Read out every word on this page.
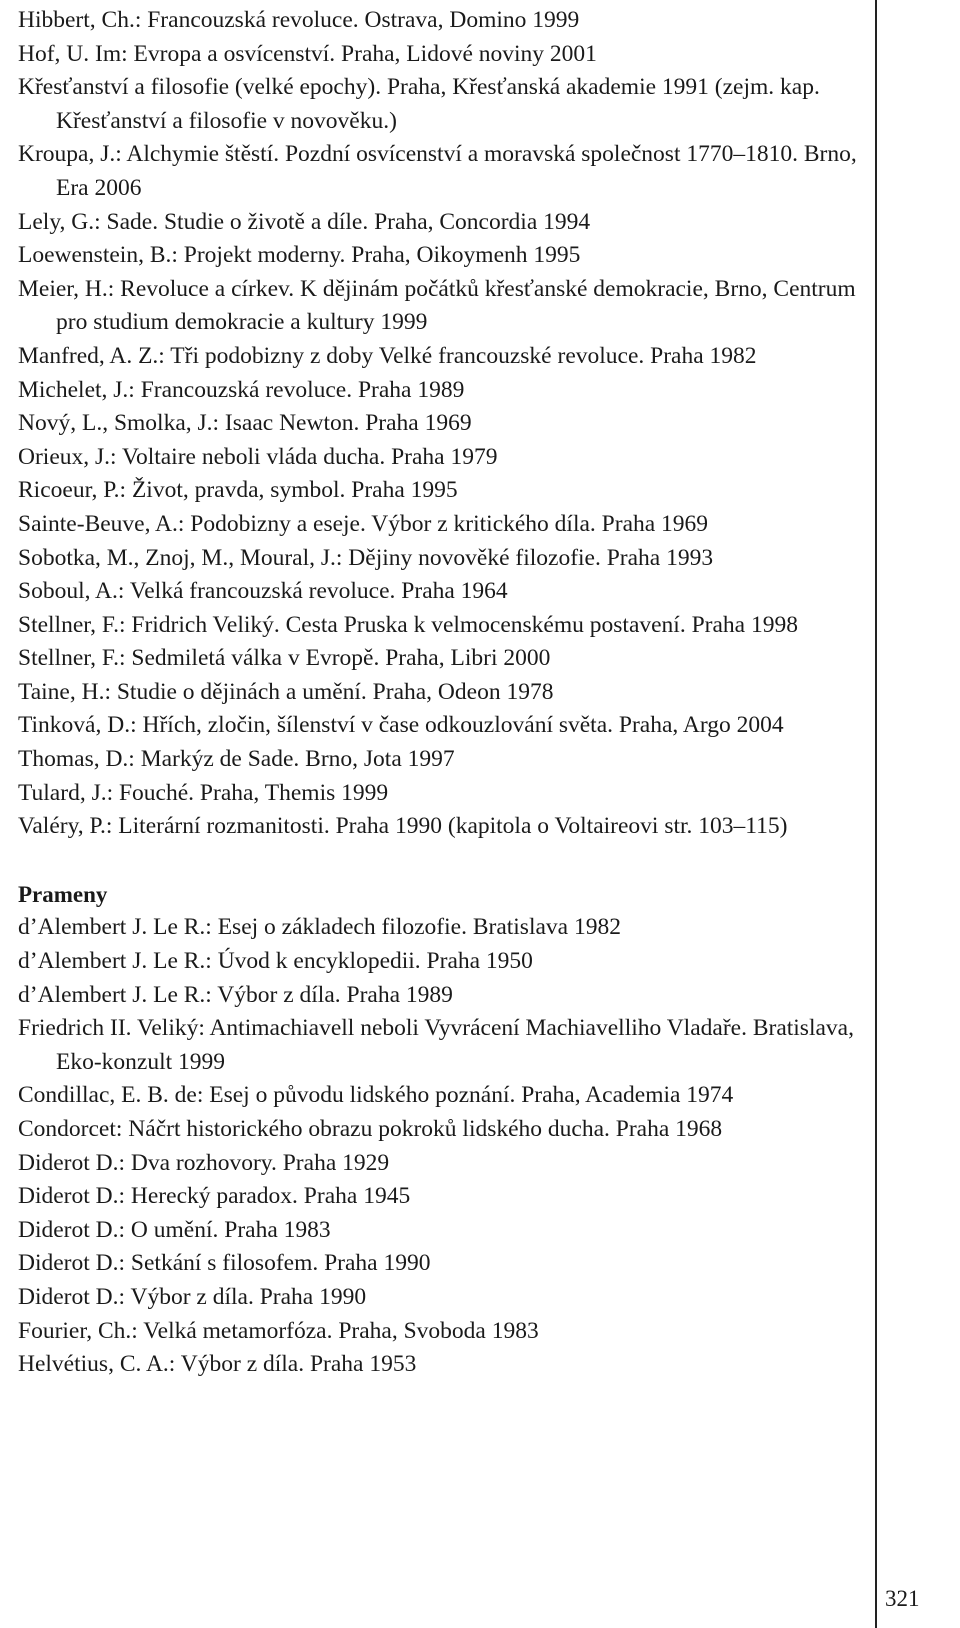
Hibbert, Ch.: Francouzská revoluce. Ostrava, Domino 1999

Hof, U. Im: Evropa a osvícenství. Praha, Lidové noviny 2001

Křesťanství a filosofie (velké epochy). Praha, Křesťanská akademie 1991 (zejm. kap. Křesťanství a filosofie v novověku.)

Kroupa, J.: Alchymie štěstí. Pozdní osvícenství a moravská společnost 1770–1810. Brno, Era 2006

Lely, G.: Sade. Studie o životě a díle. Praha, Concordia 1994

Loewenstein, B.: Projekt moderny. Praha, Oikoymenh 1995

Meier, H.: Revoluce a církev. K dějinám počátků křesťanské demokracie, Brno, Centrum pro studium demokracie a kultury 1999

Manfred, A. Z.: Tři podobizny z doby Velké francouzské revoluce. Praha 1982

Michelet, J.: Francouzská revoluce. Praha 1989

Nový, L., Smolka, J.: Isaac Newton. Praha 1969

Orieux, J.: Voltaire neboli vláda ducha. Praha 1979

Ricoeur, P.: Život, pravda, symbol. Praha 1995

Sainte-Beuve, A.: Podobizny a eseje. Výbor z kritického díla. Praha 1969

Sobotka, M., Znoj, M., Moural, J.: Dějiny novověké filozofie. Praha 1993

Soboul, A.: Velká francouzská revoluce. Praha 1964

Stellner, F.: Fridrich Veliký. Cesta Pruska k velmocenskému postavení. Praha 1998

Stellner, F.: Sedmiletá válka v Evropě. Praha, Libri 2000

Taine, H.: Studie o dějinách a umění. Praha, Odeon 1978

Tinková, D.: Hřích, zločin, šílenství v čase odkouzlování světa. Praha, Argo 2004

Thomas, D.: Markýz de Sade. Brno, Jota 1997

Tulard, J.: Fouché. Praha, Themis 1999

Valéry, P.: Literární rozmanitosti. Praha 1990 (kapitola o Voltaireovi str. 103–115)

Prameny

d’Alembert J. Le R.: Esej o základech filozofie. Bratislava 1982

d’Alembert J. Le R.: Úvod k encyklopedii. Praha 1950

d’Alembert J. Le R.: Výbor z díla. Praha 1989

Friedrich II. Veliký: Antimachiavell neboli Vyvrácení Machiavelliho Vladaře. Bratislava, Eko-konzult 1999

Condillac, E. B. de: Esej o původu lidského poznání. Praha, Academia 1974

Condorcet: Náčrt historického obrazu pokroků lidského ducha. Praha 1968

Diderot D.: Dva rozhovory. Praha 1929

Diderot D.: Herecký paradox. Praha 1945

Diderot D.: O umění. Praha 1983

Diderot D.: Setkání s filosofem. Praha 1990

Diderot D.: Výbor z díla. Praha 1990

Fourier, Ch.: Velká metamorfóza. Praha, Svoboda 1983

Helvétius, C. A.: Výbor z díla. Praha 1953

321
